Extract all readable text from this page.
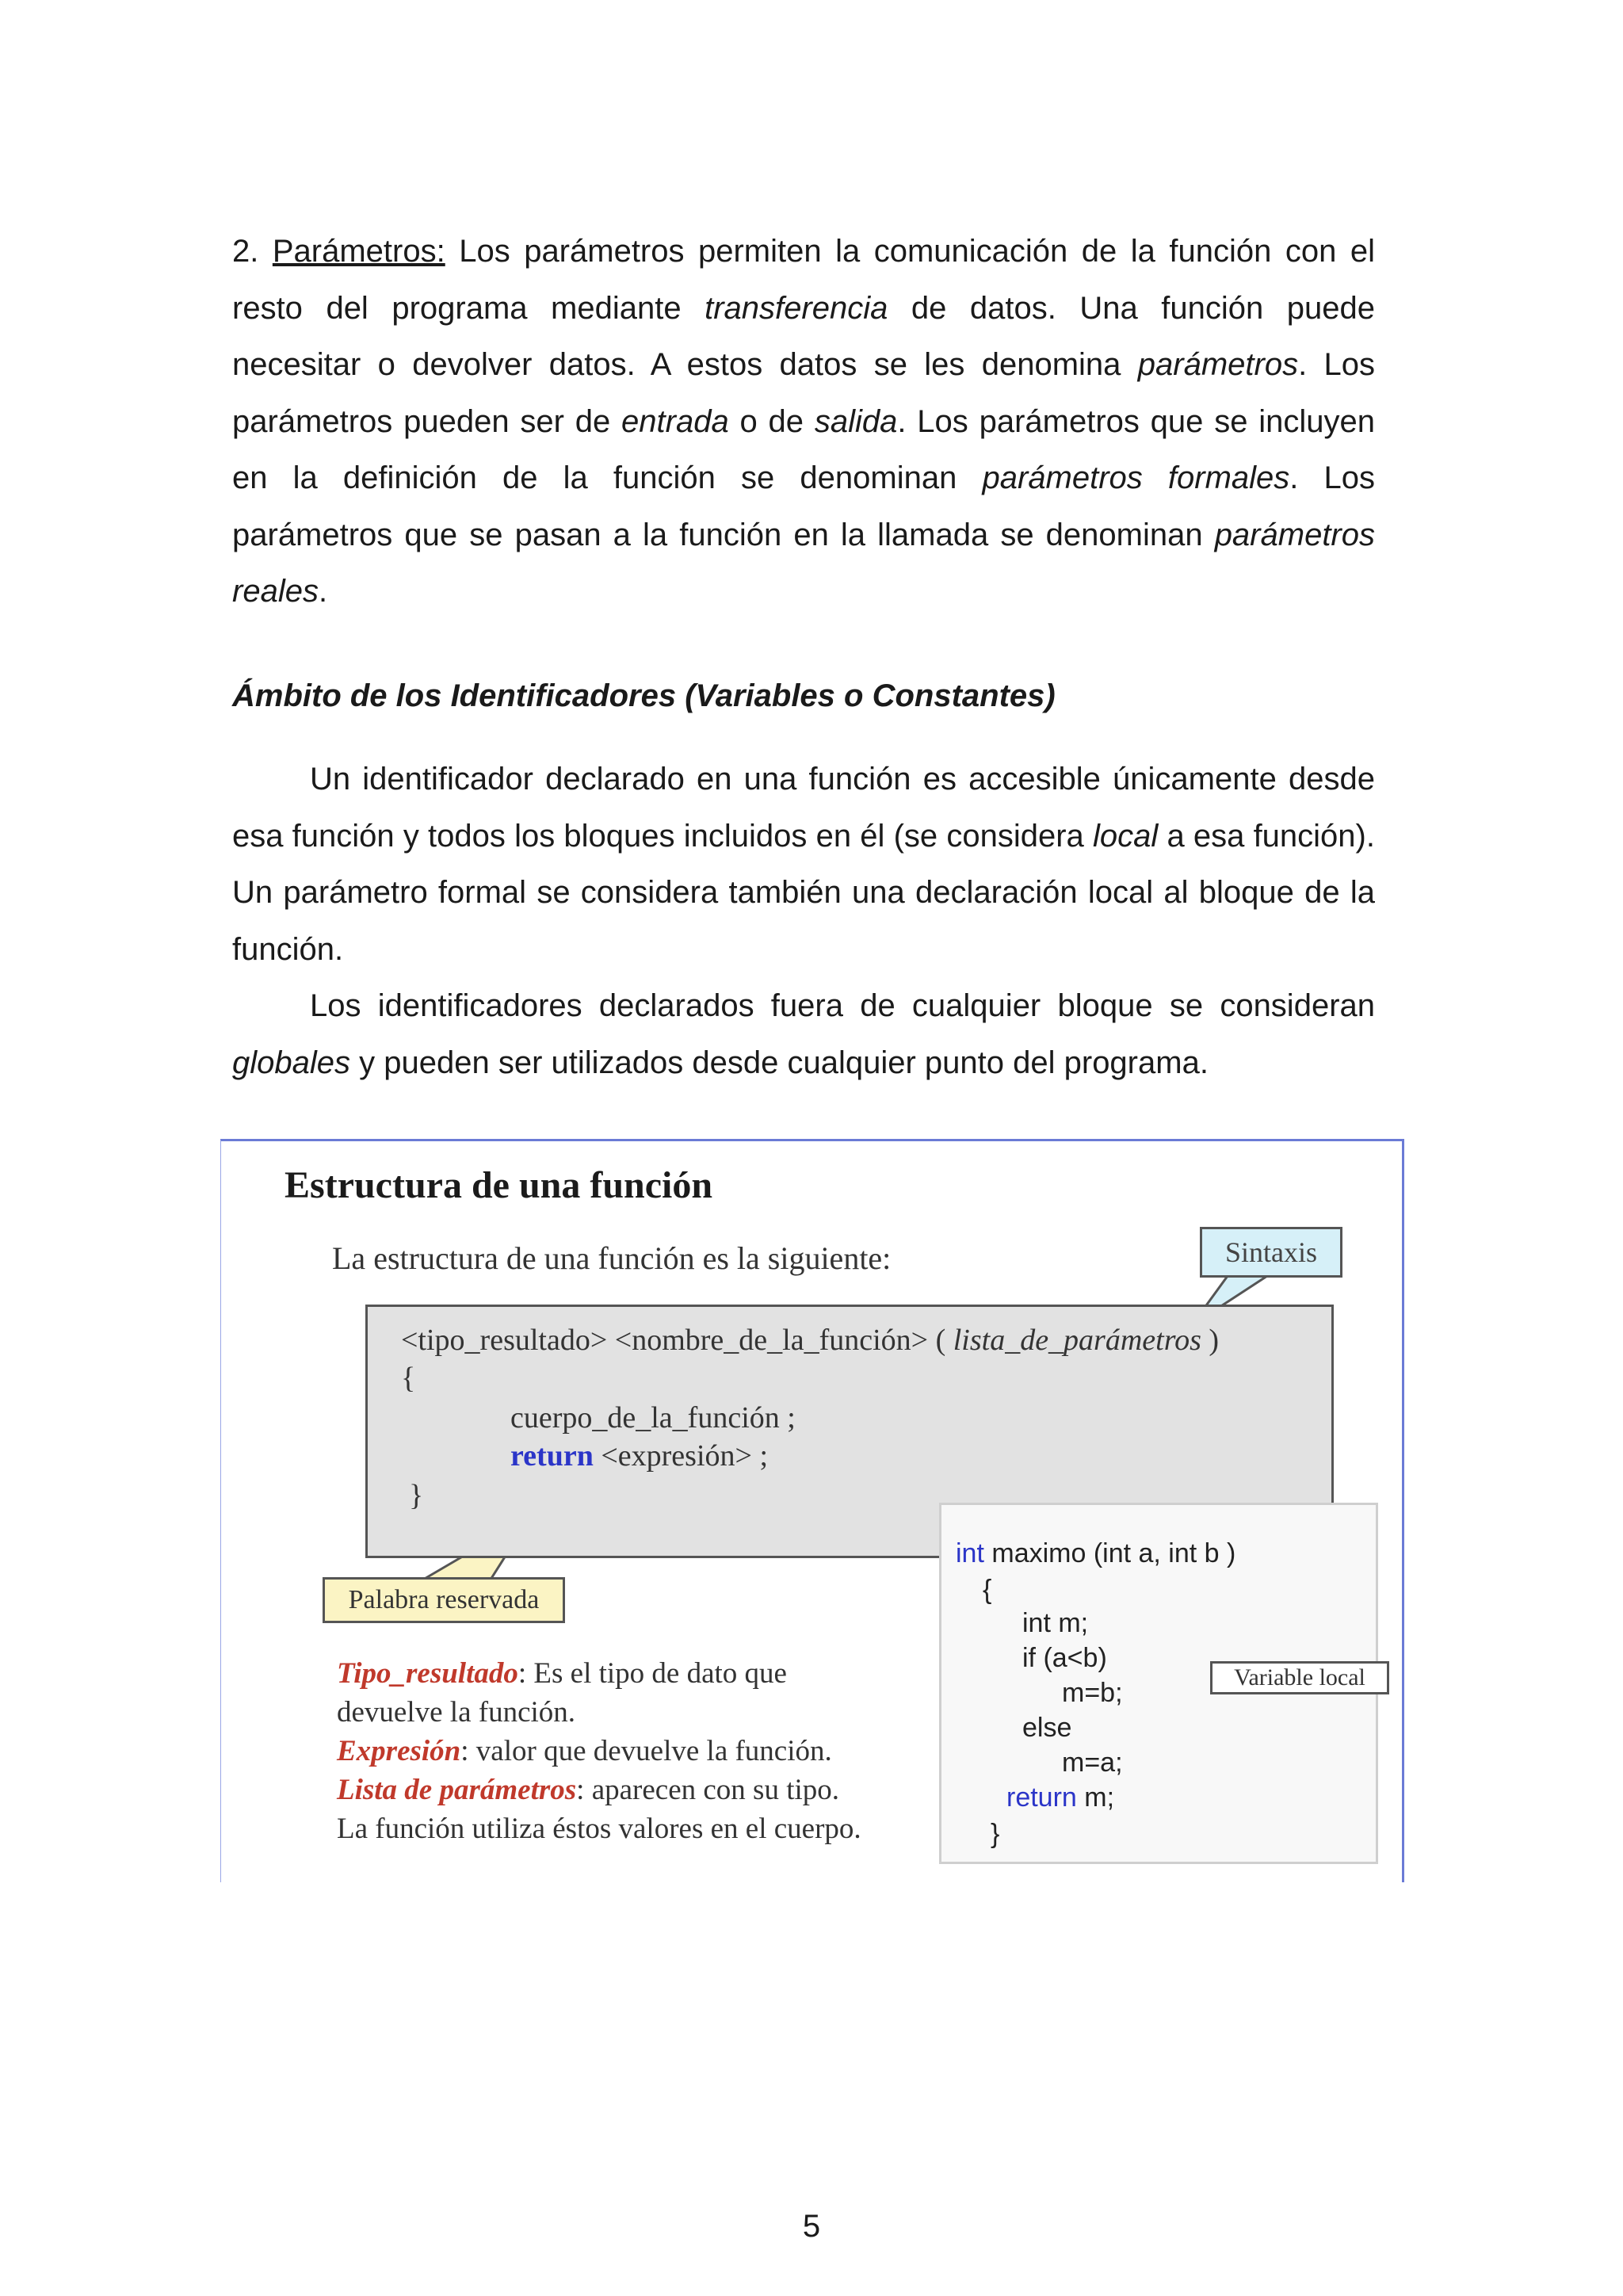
2. Parámetros: Los parámetros permiten la comunicación de la función con el resto del programa mediante transferencia de datos. Una función puede necesitar o devolver datos. A estos datos se les denomina parámetros. Los parámetros pueden ser de entrada o de salida. Los parámetros que se incluyen en la definición de la función se denominan parámetros formales. Los parámetros que se pasan a la función en la llamada se denominan parámetros reales.

Ámbito de los Identificadores (Variables o Constantes)

Un identificador declarado en una función es accesible únicamente desde esa función y todos los bloques incluidos en él (se considera local a esa función). Un parámetro formal se considera también una declaración local al bloque de la función.

Los identificadores declarados fuera de cualquier bloque se consideran globales y pueden ser utilizados desde cualquier punto del programa.

Estructura de una función
La estructura de una función es la siguiente:
<tipo_resultado> <nombre_de_la_función> ( lista_de_parámetros )
{
cuerpo_de_la_función ;
return <expresión> ;
}
Sintaxis
int maximo (int a, int b )
{
int m;
if (a<b)
m=b;
else
m=a;
return m;
}
Palabra reservada
Variable local
Tipo_resultado: Es el tipo de dato que
devuelve la función.
Expresión: valor que devuelve la función.
Lista de parámetros: aparecen con su tipo.
La función utiliza éstos valores en el cuerpo.

5
